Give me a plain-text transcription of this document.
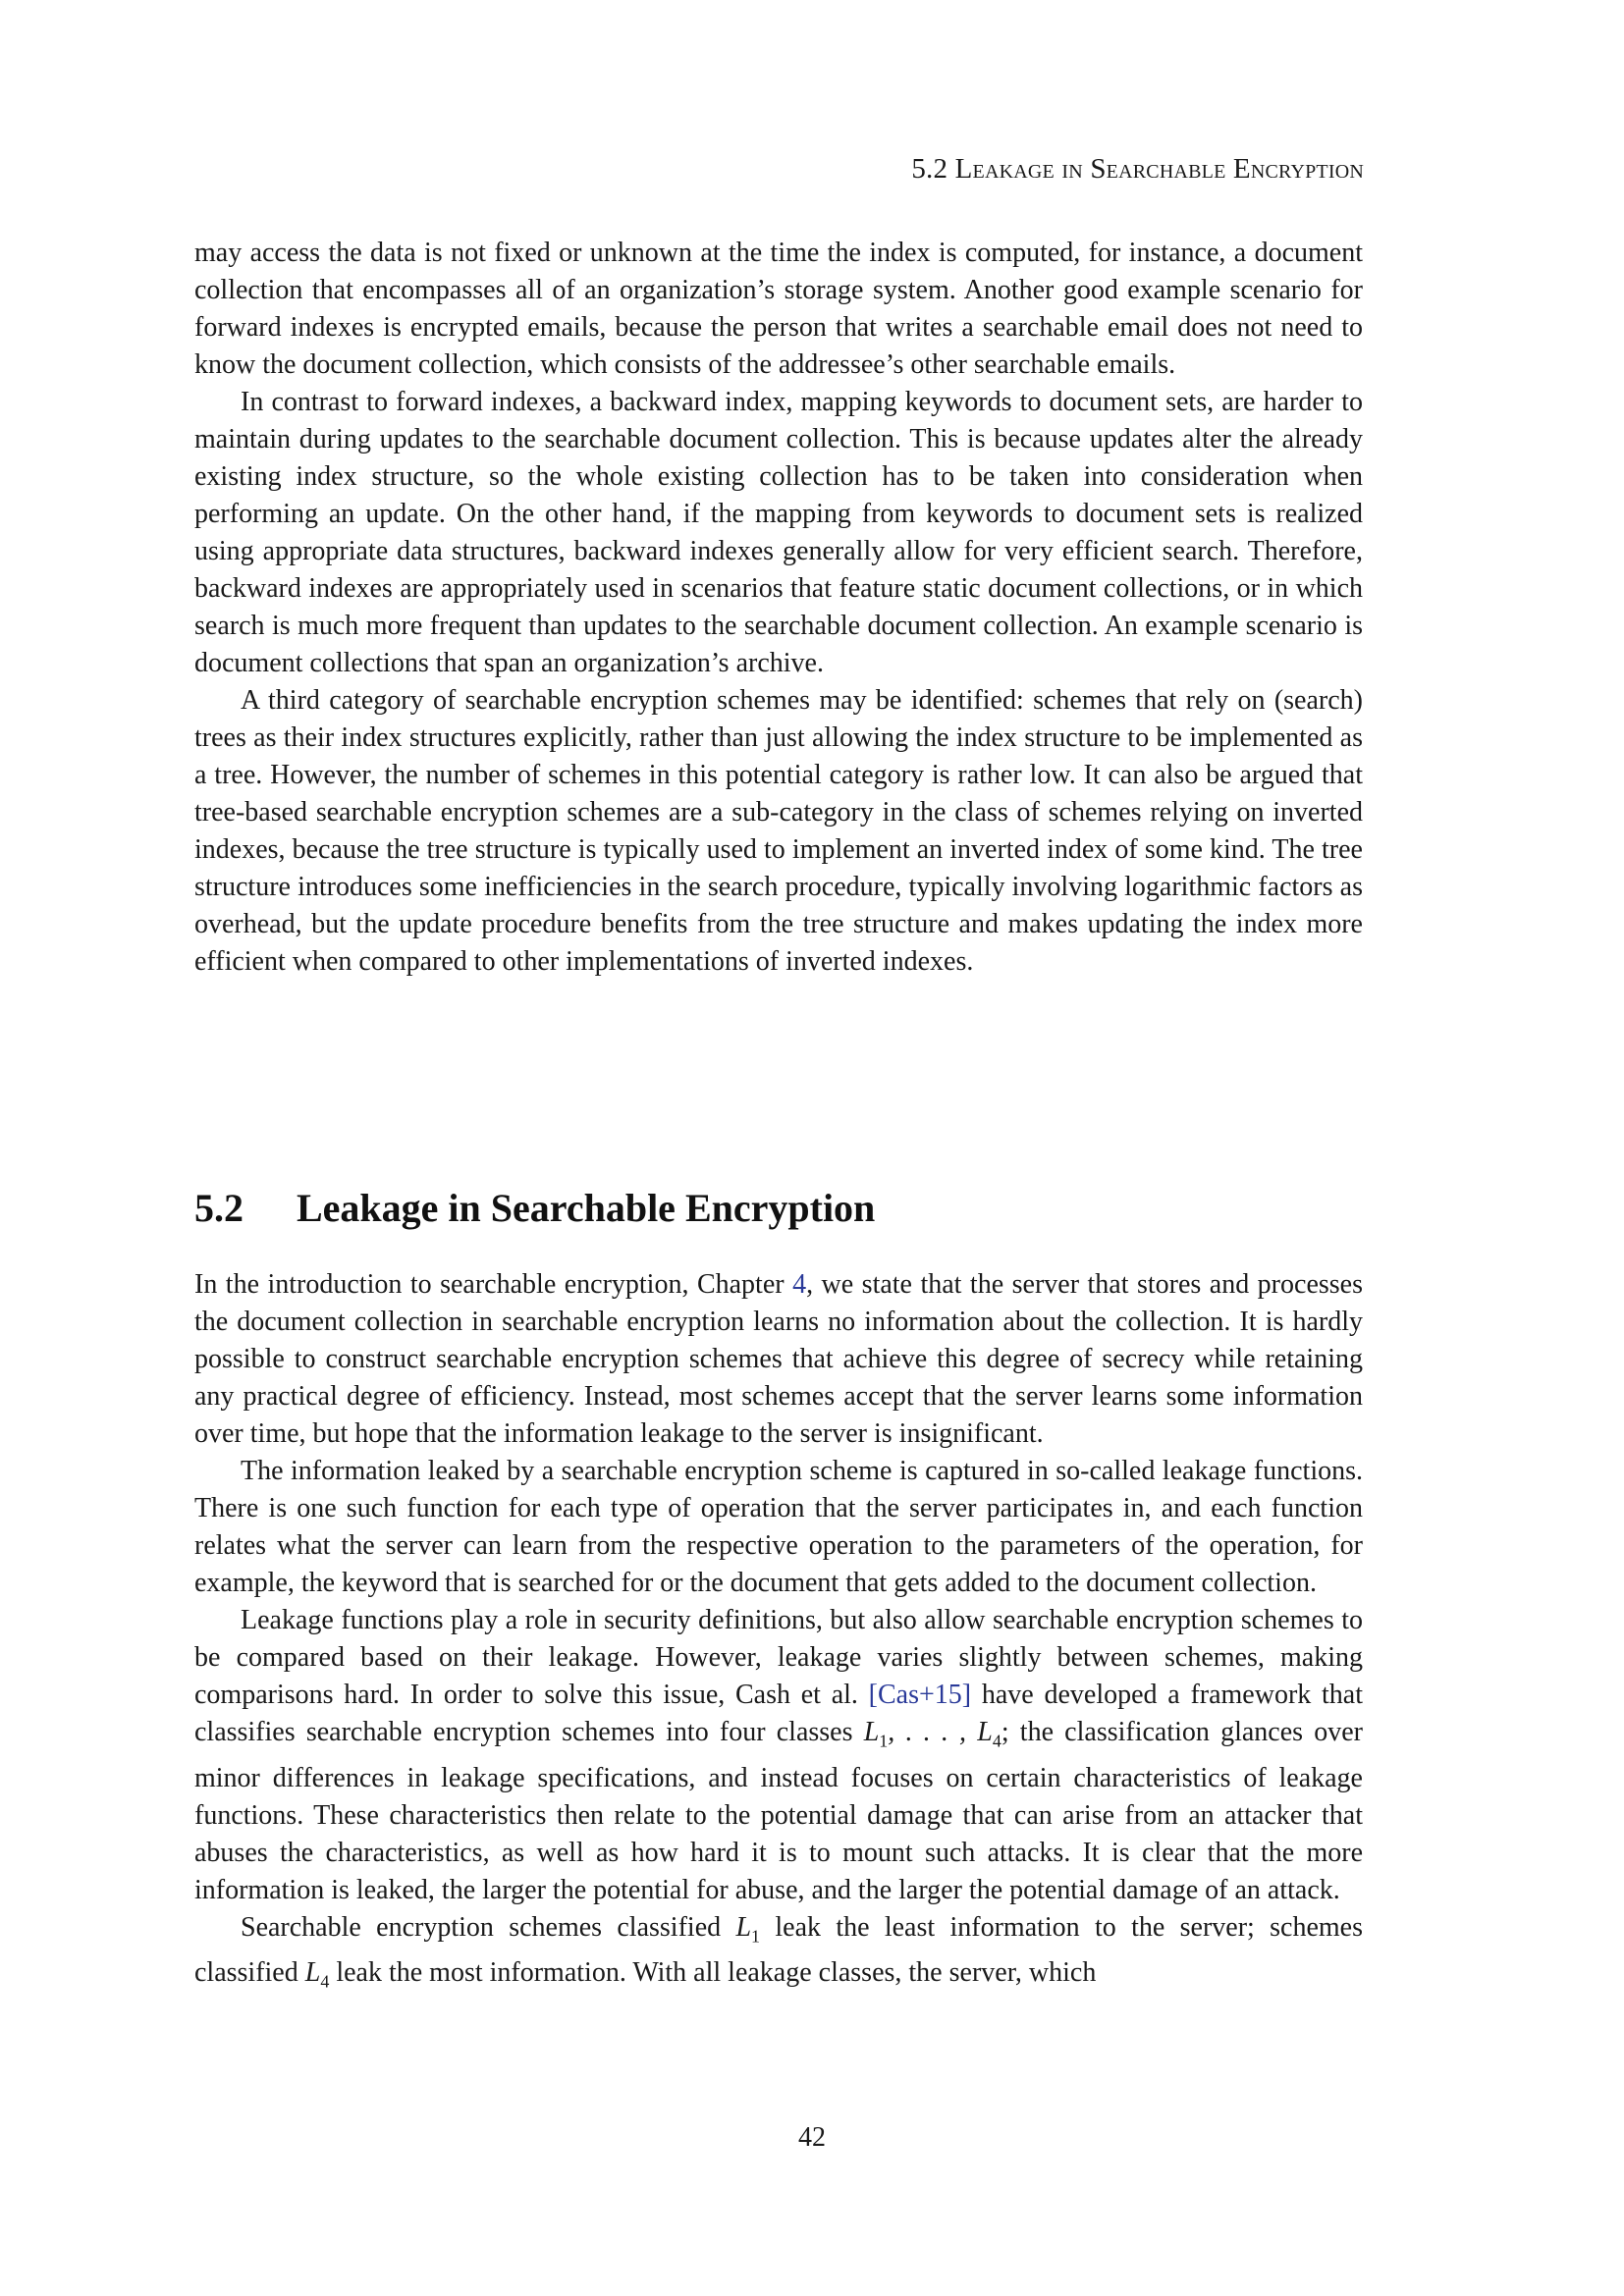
5.2 Leakage in Searchable Encryption

may access the data is not fixed or unknown at the time the index is computed, for instance, a document collection that encompasses all of an organization’s storage system. Another good example scenario for forward indexes is encrypted emails, because the person that writes a searchable email does not need to know the document collection, which consists of the addressee’s other searchable emails.

In contrast to forward indexes, a backward index, mapping keywords to document sets, are harder to maintain during updates to the searchable document collection. This is because updates alter the already existing index structure, so the whole existing collection has to be taken into consideration when performing an update. On the other hand, if the mapping from keywords to document sets is realized using appropriate data structures, backward indexes generally allow for very efficient search. Therefore, backward indexes are appropriately used in scenarios that feature static document collections, or in which search is much more frequent than updates to the searchable document collection. An example scenario is document collections that span an organization’s archive.

A third category of searchable encryption schemes may be identified: schemes that rely on (search) trees as their index structures explicitly, rather than just allowing the index structure to be implemented as a tree. However, the number of schemes in this potential category is rather low. It can also be argued that tree-based searchable encryption schemes are a sub-category in the class of schemes relying on inverted indexes, because the tree structure is typically used to implement an inverted index of some kind. The tree structure introduces some inefficiencies in the search procedure, typically involving logarithmic factors as overhead, but the update procedure benefits from the tree structure and makes updating the index more efficient when compared to other implementations of inverted indexes.

5.2 Leakage in Searchable Encryption

In the introduction to searchable encryption, Chapter 4, we state that the server that stores and processes the document collection in searchable encryption learns no information about the collection. It is hardly possible to construct searchable encryption schemes that achieve this degree of secrecy while retaining any practical degree of efficiency. Instead, most schemes accept that the server learns some information over time, but hope that the information leakage to the server is insignificant.

The information leaked by a searchable encryption scheme is captured in so-called leakage functions. There is one such function for each type of operation that the server participates in, and each function relates what the server can learn from the respective operation to the parameters of the operation, for example, the keyword that is searched for or the document that gets added to the document collection.

Leakage functions play a role in security definitions, but also allow searchable encryption schemes to be compared based on their leakage. However, leakage varies slightly between schemes, making comparisons hard. In order to solve this issue, Cash et al. [Cas+15] have developed a framework that classifies searchable encryption schemes into four classes $L_1$, . . . , $L_4$; the classification glances over minor differences in leakage specifications, and instead focuses on certain characteristics of leakage functions. These characteristics then relate to the potential damage that can arise from an attacker that abuses the characteristics, as well as how hard it is to mount such attacks. It is clear that the more information is leaked, the larger the potential for abuse, and the larger the potential damage of an attack.

Searchable encryption schemes classified $L_1$ leak the least information to the server; schemes classified $L_4$ leak the most information. With all leakage classes, the server, which

42
